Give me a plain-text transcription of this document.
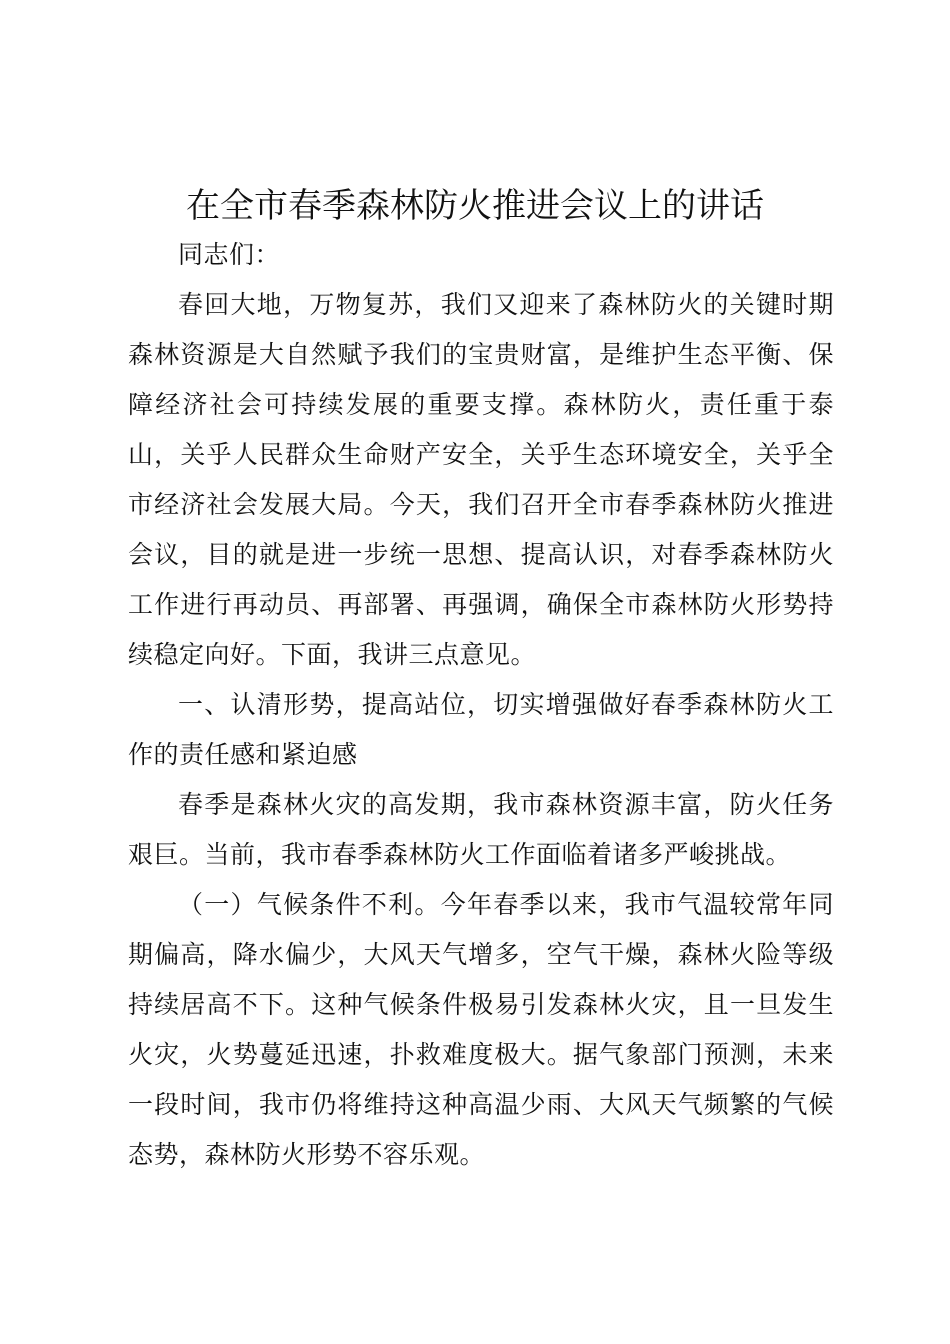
在全市春季森林防火推进会议上的讲话

同志们：

春回大地，万物复苏，我们又迎来了森林防火的关键时期森林资源是大自然赋予我们的宝贵财富，是维护生态平衡、保障经济社会可持续发展的重要支撑。森林防火，责任重于泰山，关乎人民群众生命财产安全，关乎生态环境安全，关乎全市经济社会发展大局。今天，我们召开全市春季森林防火推进会议，目的就是进一步统一思想、提高认识，对春季森林防火工作进行再动员、再部署、再强调，确保全市森林防火形势持续稳定向好。下面，我讲三点意见。

一、认清形势，提高站位，切实增强做好春季森林防火工作的责任感和紧迫感

春季是森林火灾的高发期，我市森林资源丰富，防火任务艰巨。当前，我市春季森林防火工作面临着诸多严峻挑战。

（一）气候条件不利。今年春季以来，我市气温较常年同期偏高，降水偏少，大风天气增多，空气干燥，森林火险等级持续居高不下。这种气候条件极易引发森林火灾，且一旦发生火灾，火势蔓延迅速，扑救难度极大。据气象部门预测，未来一段时间，我市仍将维持这种高温少雨、大风天气频繁的气候态势，森林防火形势不容乐观。
